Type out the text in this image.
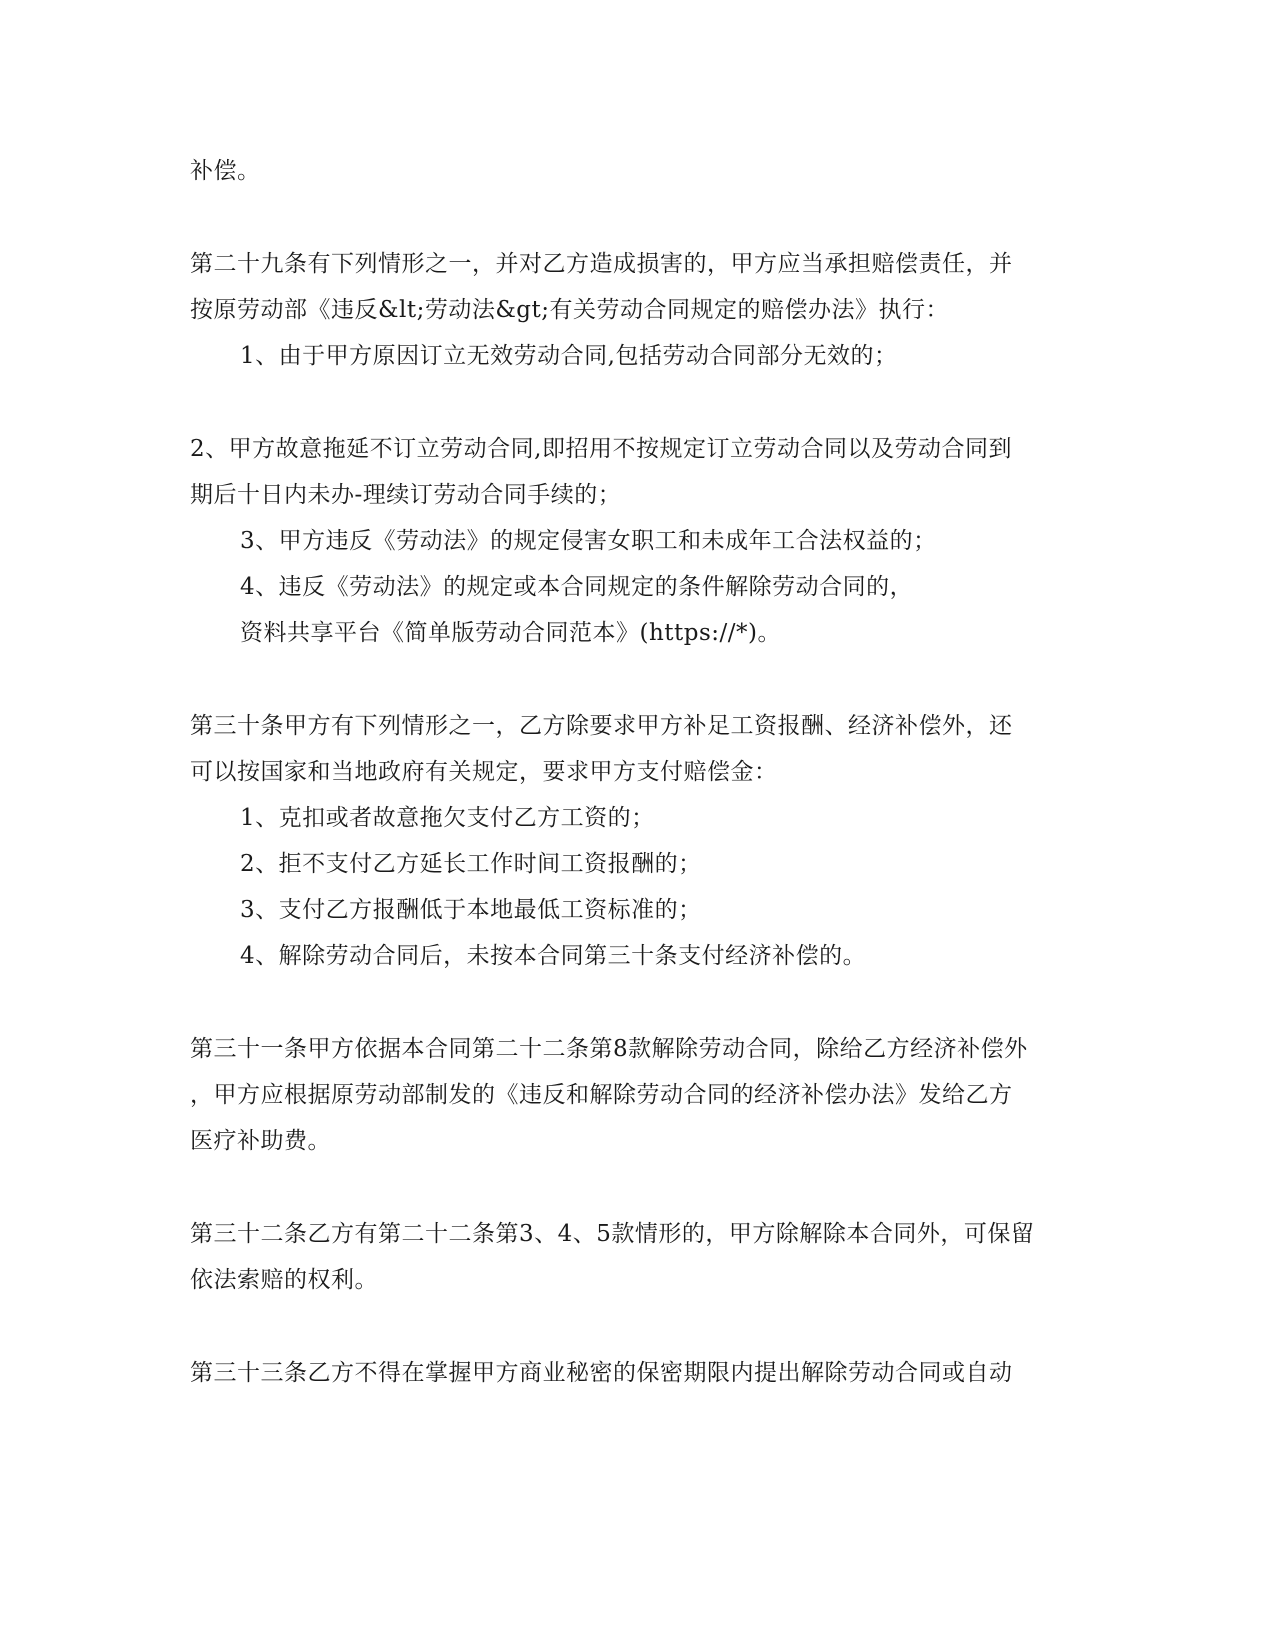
补偿。
第二十九条有下列情形之一，并对乙方造成损害的，甲方应当承担赔偿责任，并
按原劳动部《违反&lt;劳动法&gt;有关劳动合同规定的赔偿办法》执行：
1、由于甲方原因订立无效劳动合同,包括劳动合同部分无效的；
2、甲方故意拖延不订立劳动合同,即招用不按规定订立劳动合同以及劳动合同到
期后十日内未办-理续订劳动合同手续的；
3、甲方违反《劳动法》的规定侵害女职工和未成年工合法权益的；
4、违反《劳动法》的规定或本合同规定的条件解除劳动合同的，
资料共享平台《简单版劳动合同范本》(https://*)。
第三十条甲方有下列情形之一，乙方除要求甲方补足工资报酬、经济补偿外，还
可以按国家和当地政府有关规定，要求甲方支付赔偿金：
1、克扣或者故意拖欠支付乙方工资的；
2、拒不支付乙方延长工作时间工资报酬的；
3、支付乙方报酬低于本地最低工资标准的；
4、解除劳动合同后，未按本合同第三十条支付经济补偿的。
第三十一条甲方依据本合同第二十二条第8款解除劳动合同，除给乙方经济补偿外
，甲方应根据原劳动部制发的《违反和解除劳动合同的经济补偿办法》发给乙方
医疗补助费。
第三十二条乙方有第二十二条第3、4、5款情形的，甲方除解除本合同外，可保留
依法索赔的权利。
第三十三条乙方不得在掌握甲方商业秘密的保密期限内提出解除劳动合同或自动
